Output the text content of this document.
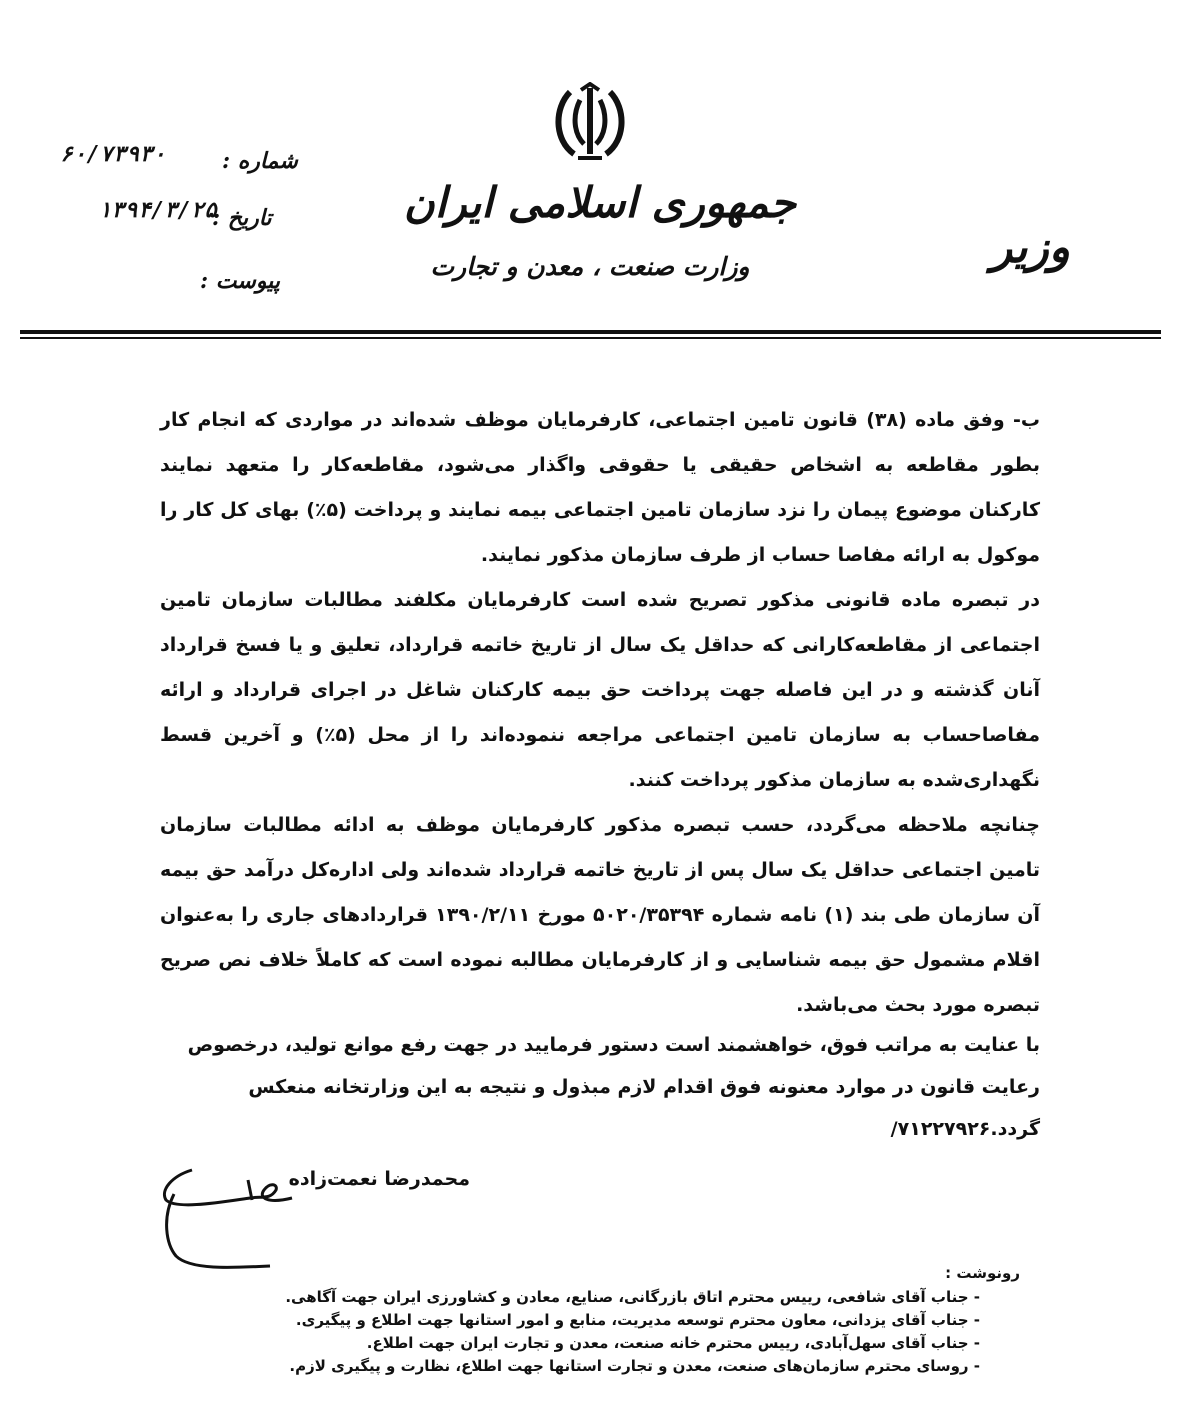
جمهوری اسلامی ایران
وزارت صنعت ، معدن و تجارت	وزیر
شماره :
۶۰/۷۳۹۳۰
تاریخ :
۱۳۹۴/۳/۲۵
پیوست :

ب- وفق ماده (۳۸) قانون تامین اجتماعی، کارفرمایان موظف شده‌اند در مواردی که انجام کار بطور مقاطعه به اشخاص حقیقی یا حقوقی واگذار می‌شود، مقاطعه‌کار را متعهد نمایند کارکنان موضوع پیمان را نزد سازمان تامین اجتماعی بیمه نمایند و پرداخت (۵٪) بهای کل کار را موکول به ارائه مفاصا حساب از طرف سازمان مذکور نمایند.

در تبصره ماده قانونی مذکور تصریح شده است کارفرمایان مکلفند مطالبات سازمان تامین اجتماعی از مقاطعه‌کارانی که حداقل یک سال از تاریخ خاتمه قرارداد، تعلیق و یا فسخ قرارداد آنان گذشته و در این فاصله جهت پرداخت حق بیمه کارکنان شاغل در اجرای قرارداد و ارائه مفاصاحساب به سازمان تامین اجتماعی مراجعه ننموده‌اند را از محل (۵٪) و آخرین قسط نگهداری‌شده به سازمان مذکور پرداخت کنند.

چنانچه ملاحظه می‌گردد، حسب تبصره مذکور کارفرمایان موظف به ادائه مطالبات سازمان تامین اجتماعی حداقل یک سال پس از تاریخ خاتمه قرارداد شده‌اند ولی اداره‌کل درآمد حق بیمه آن سازمان طی بند (۱) نامه شماره ۵۰۲۰/۳۵۳۹۴ مورخ ۱۳۹۰/۲/۱۱ قراردادهای جاری را به‌عنوان اقلام مشمول حق بیمه شناسایی و از کارفرمایان مطالبه نموده است که کاملاً خلاف نص صریح تبصره مورد بحث می‌باشد.

با عنایت به مراتب فوق، خواهشمند است دستور فرمایید در جهت رفع موانع تولید، درخصوص رعایت قانون در موارد معنونه فوق اقدام لازم مبذول و نتیجه به این وزارتخانه منعکس گردد.۷۱۲۲۷۹۲۶/

محمدرضا نعمت‌زاده
رونوشت :
- جناب آقای شافعی، رییس محترم اتاق بازرگانی، صنایع، معادن و کشاورزی ایران جهت آگاهی.
- جناب آقای یزدانی، معاون محترم توسعه مدیریت، منابع و امور استانها جهت اطلاع و پیگیری.
- جناب آقای سهل‌آبادی، رییس محترم خانه صنعت، معدن و تجارت ایران جهت اطلاع.
- روسای محترم سازمان‌های صنعت، معدن و تجارت استانها جهت اطلاع، نظارت و پیگیری لازم.
